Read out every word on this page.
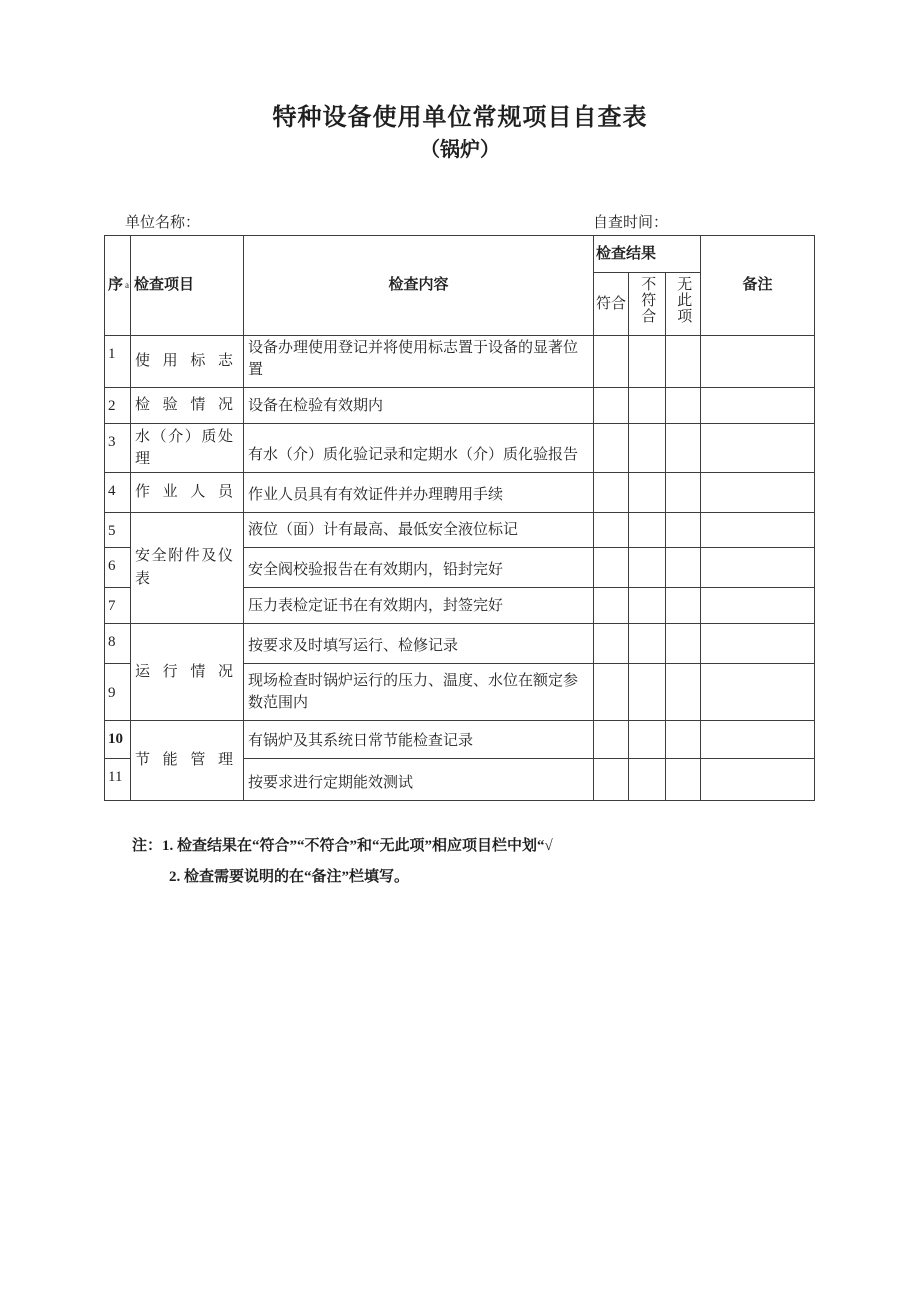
特种设备使用单位常规项目自查表
（锅炉）
单位名称：	自查时间：
序 a	检查项目	检查内容	检查结果			备注
			符合	不符合	无此项	
1	使用标志	设备办理使用登记并将使用标志置于设备的显著位置				
2	检验情况	设备在检验有效期内				
3	水（介）质处理	有水（介）质化验记录和定期水（介）质化验报告				
4	作业人员	作业人员具有有效证件并办理聘用手续				
5	安全附件及仪表	液位（面）计有最高、最低安全液位标记				
6		安全阀校验报告在有效期内，铅封完好				
7		压力表检定证书在有效期内，封签完好				
8	运行情况	按要求及时填写运行、检修记录				
9		现场检查时锅炉运行的压力、温度、水位在额定参数范围内				
10	节能管理	有锅炉及其系统日常节能检查记录				
11		按要求进行定期能效测试				
注：1. 检查结果在“符合”“不符合”和“无此项”相应项目栏中划“√
2. 检查需要说明的在“备注”栏填写。
